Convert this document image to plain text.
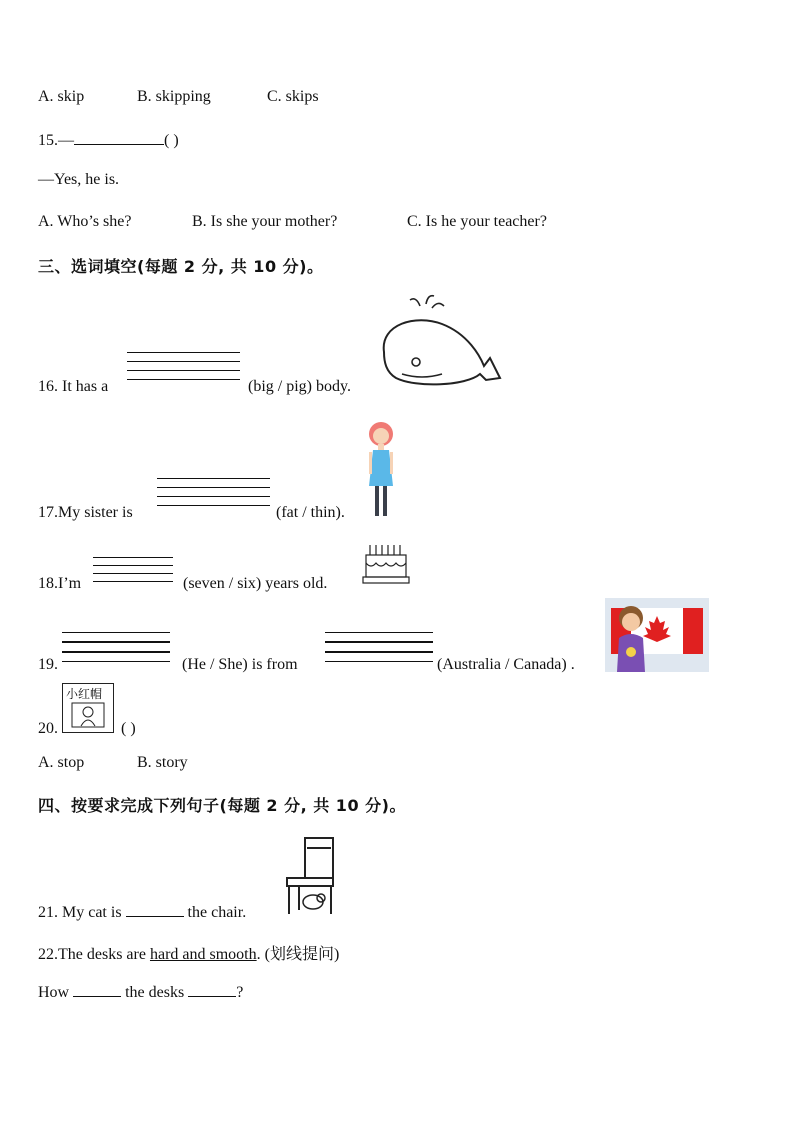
A. skip	B. skipping	C. skips
15.—	( )
—Yes, he is.
A. Who’s she?	B. Is she your mother?	C. Is he your teacher?
三、选词填空(每题 2 分, 共 10 分)。
16. It has a	(big / pig) body.
17.My sister is	(fat / thin).
18.I’m	(seven / six) years old.
19.	(He / She) is from	(Australia / Canada) .
小红帽
20.	( )
A. stop	B. story
四、按要求完成下列句子(每题 2 分, 共 10 分)。
21. My cat is	the chair.
22.The desks are hard and smooth. (划线提问)
How	the desks	?
